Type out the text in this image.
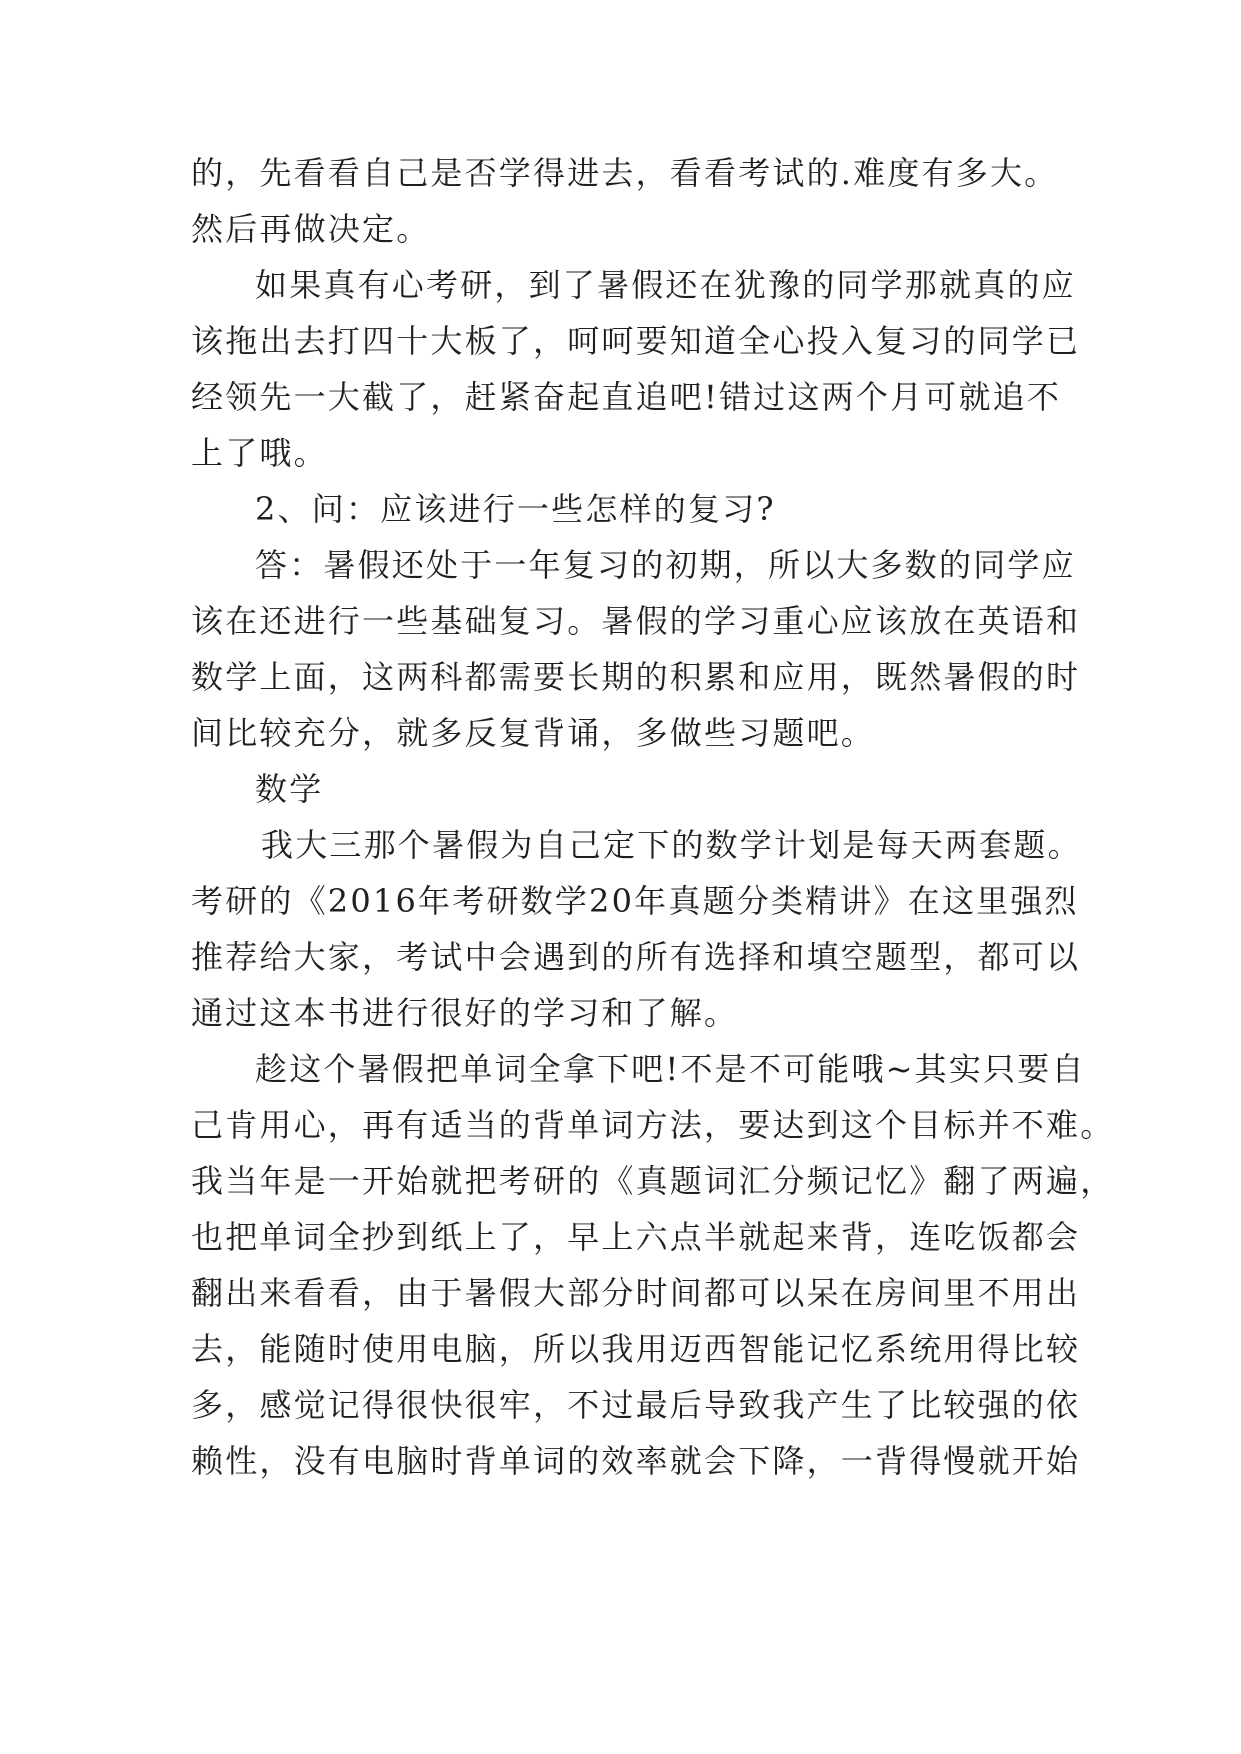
的，先看看自己是否学得进去，看看考试的.难度有多大。
然后再做决定。
如果真有心考研，到了暑假还在犹豫的同学那就真的应
该拖出去打四十大板了，呵呵要知道全心投入复习的同学已
经领先一大截了，赶紧奋起直追吧!错过这两个月可就追不
上了哦。
2、问：应该进行一些怎样的复习?
答：暑假还处于一年复习的初期，所以大多数的同学应
该在还进行一些基础复习。暑假的学习重心应该放在英语和
数学上面，这两科都需要长期的积累和应用，既然暑假的时
间比较充分，就多反复背诵，多做些习题吧。
数学
我大三那个暑假为自己定下的数学计划是每天两套题。
考研的《2016年考研数学20年真题分类精讲》在这里强烈
推荐给大家，考试中会遇到的所有选择和填空题型，都可以
通过这本书进行很好的学习和了解。
趁这个暑假把单词全拿下吧!不是不可能哦~其实只要自
己肯用心，再有适当的背单词方法，要达到这个目标并不难。
我当年是一开始就把考研的《真题词汇分频记忆》翻了两遍，
也把单词全抄到纸上了，早上六点半就起来背，连吃饭都会
翻出来看看，由于暑假大部分时间都可以呆在房间里不用出
去，能随时使用电脑，所以我用迈西智能记忆系统用得比较
多，感觉记得很快很牢，不过最后导致我产生了比较强的依
赖性，没有电脑时背单词的效率就会下降，一背得慢就开始
